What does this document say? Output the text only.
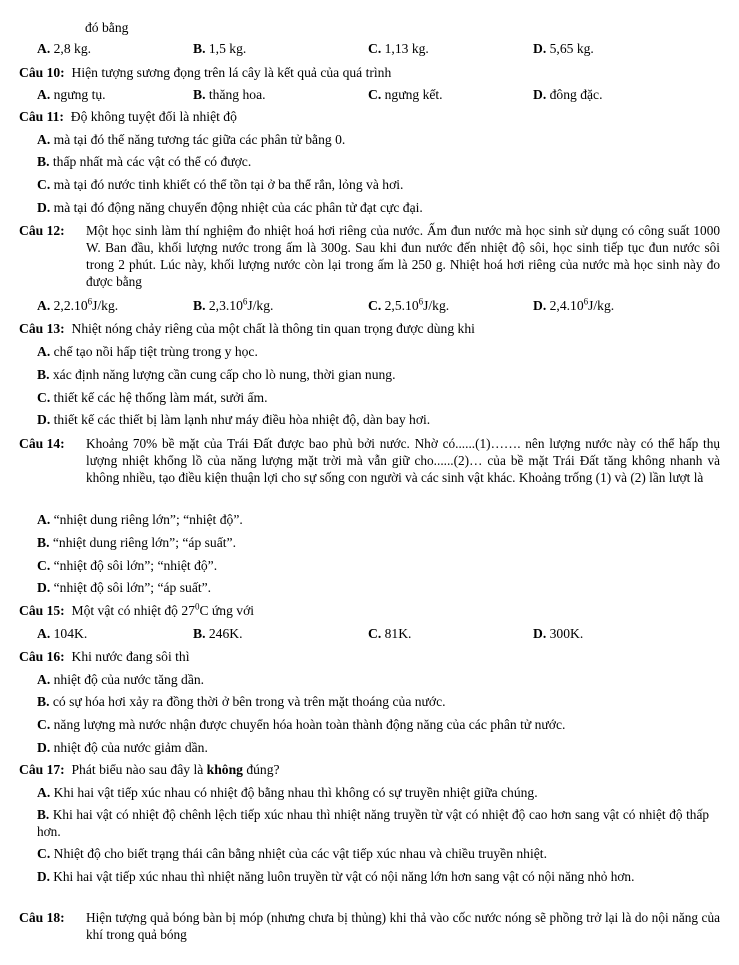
đó bằng
A. 2,8 kg.	B. 1,5 kg.	C. 1,13 kg.	D. 5,65 kg.
Câu 10: Hiện tượng sương đọng trên lá cây là kết quả của quá trình
A. ngưng tụ.	B. thăng hoa.	C. ngưng kết.	D. đông đặc.
Câu 11: Độ không tuyệt đối là nhiệt độ
A. mà tại đó thế năng tương tác giữa các phân tử bằng 0.
B. thấp nhất mà các vật có thể có được.
C. mà tại đó nước tinh khiết có thể tồn tại ở ba thể rắn, lỏng và hơi.
D. mà tại đó động năng chuyển động nhiệt của các phân tử đạt cực đại.
Câu 12: Một học sinh làm thí nghiệm đo nhiệt hoá hơi riêng của nước. Ấm đun nước mà học sinh sử dụng có công suất 1000 W. Ban đầu, khối lượng nước trong ấm là 300g. Sau khi đun nước đến nhiệt độ sôi, học sinh tiếp tục đun nước sôi trong 2 phút. Lúc này, khối lượng nước còn lại trong ấm là 250 g. Nhiệt hoá hơi riêng của nước mà học sinh này đo được bằng
A. 2,2.10$^6$J/kg.	B. 2,3.10$^6$J/kg.	C. 2,5.10$^6$J/kg.	D. 2,4.10$^6$J/kg.
Câu 13: Nhiệt nóng chảy riêng của một chất là thông tin quan trọng được dùng khi
A. chế tạo nồi hấp tiệt trùng trong y học.
B. xác định năng lượng cần cung cấp cho lò nung, thời gian nung.
C. thiết kế các hệ thống làm mát, sưởi ấm.
D. thiết kế các thiết bị làm lạnh như máy điều hòa nhiệt độ, dàn bay hơi.
Câu 14: Khoảng 70% bề mặt của Trái Đất được bao phủ bởi nước. Nhờ có......(1)……. nên lượng nước này có thể hấp thụ lượng nhiệt khổng lồ của năng lượng mặt trời mà vẫn giữ cho......(2)… của bề mặt Trái Đất tăng không nhanh và không nhiều, tạo điều kiện thuận lợi cho sự sống con người và các sinh vật khác. Khoảng trống (1) và (2) lần lượt là
A. “nhiệt dung riêng lớn”; “nhiệt độ”.
B. “nhiệt dung riêng lớn”; “áp suất”.
C. “nhiệt độ sôi lớn”; “nhiệt độ”.
D. “nhiệt độ sôi lớn”; “áp suất”.
Câu 15: Một vật có nhiệt độ $27^0C$ ứng với
A. 104K.	B. 246K.	C. 81K.	D. 300K.
Câu 16: Khi nước đang sôi thì
A. nhiệt độ của nước tăng dần.
B. có sự hóa hơi xảy ra đồng thời ở bên trong và trên mặt thoáng của nước.
C. năng lượng mà nước nhận được chuyển hóa hoàn toàn thành động năng của các phân tử nước.
D. nhiệt độ của nước giảm dần.
Câu 17: Phát biểu nào sau đây là không đúng?
A. Khi hai vật tiếp xúc nhau có nhiệt độ bằng nhau thì không có sự truyền nhiệt giữa chúng.
B. Khi hai vật có nhiệt độ chênh lệch tiếp xúc nhau thì nhiệt năng truyền từ vật có nhiệt độ cao hơn sang vật có nhiệt độ thấp hơn.
C. Nhiệt độ cho biết trạng thái cân bằng nhiệt của các vật tiếp xúc nhau và chiều truyền nhiệt.
D. Khi hai vật tiếp xúc nhau thì nhiệt năng luôn truyền từ vật có nội năng lớn hơn sang vật có nội năng nhỏ hơn.
Câu 18: Hiện tượng quả bóng bàn bị móp (nhưng chưa bị thủng) khi thả vào cốc nước nóng sẽ phồng trở lại là do nội năng của khí trong quả bóng
